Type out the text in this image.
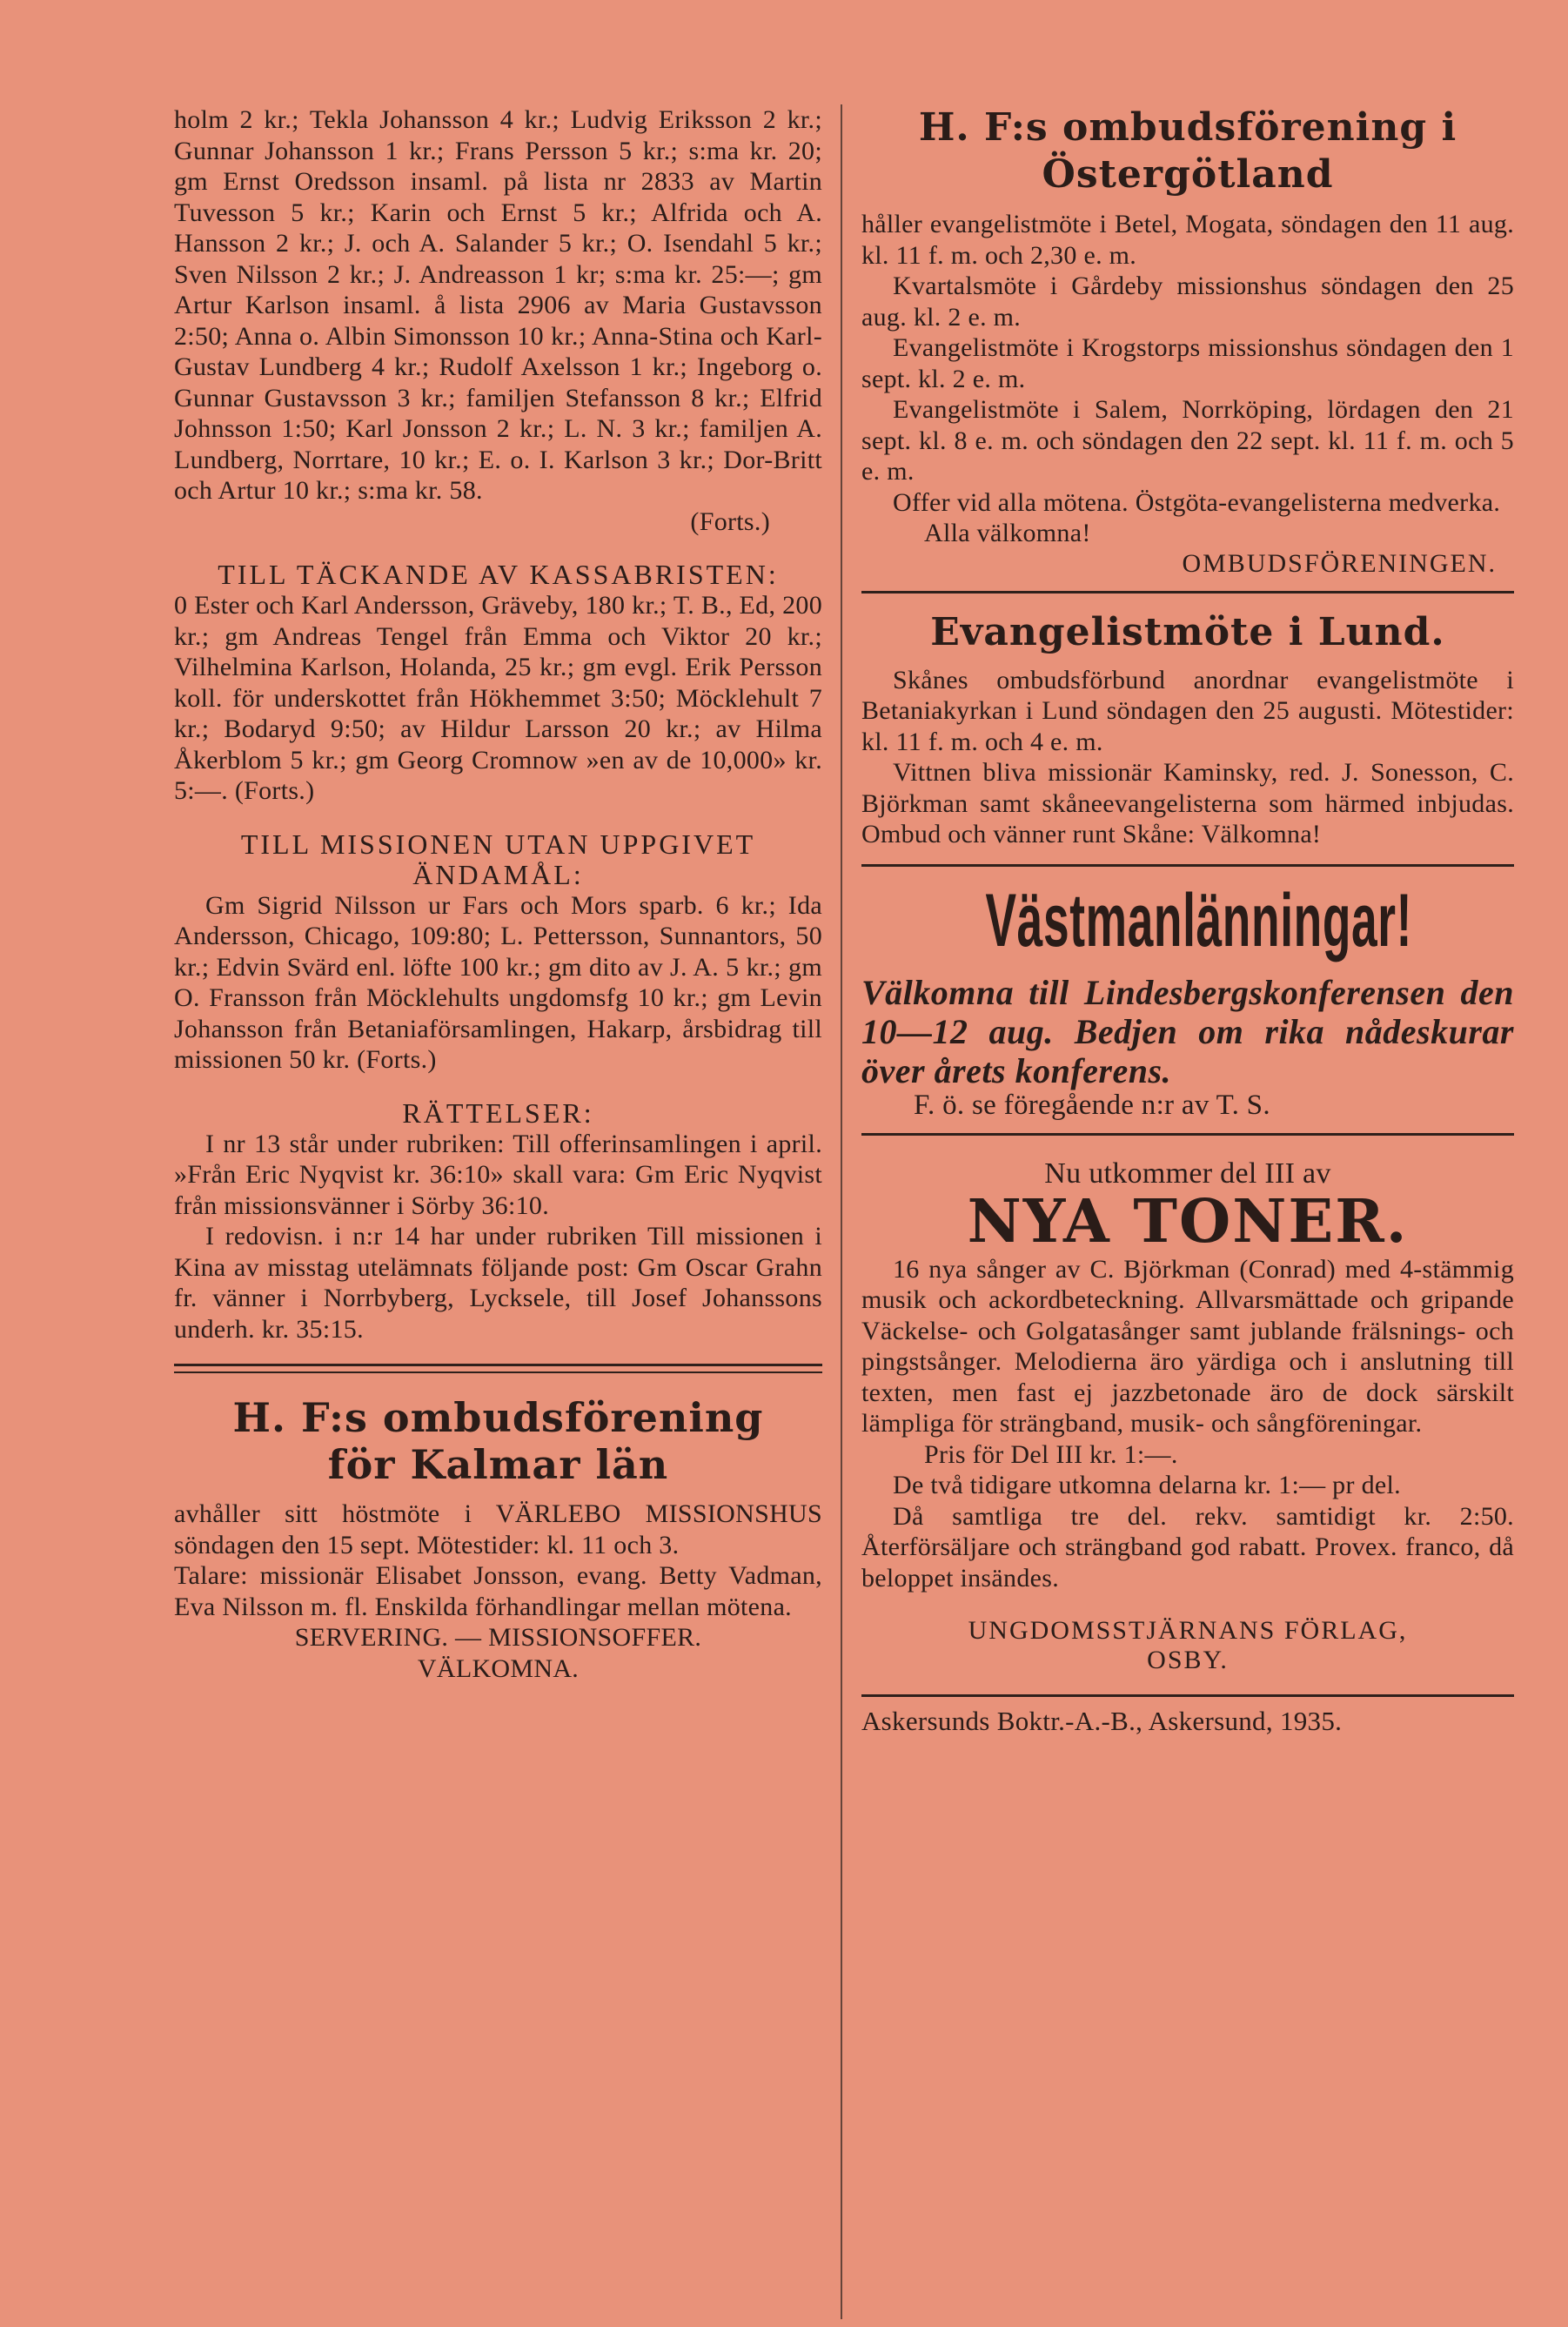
holm 2 kr.; Tekla Johansson 4 kr.; Ludvig Eriksson 2 kr.; Gunnar Johansson 1 kr.; Frans Persson 5 kr.; s:ma kr. 20; gm Ernst Oredsson insaml. på lista nr 2833 av Martin Tuvesson 5 kr.; Karin och Ernst 5 kr.; Alfrida och A. Hansson 2 kr.; J. och A. Salander 5 kr.; O. Isendahl 5 kr.; Sven Nilsson 2 kr.; J. Andreasson 1 kr; s:ma kr. 25:—; gm Artur Karlson insaml. å lista 2906 av Maria Gustavsson 2:50; Anna o. Albin Simonsson 10 kr.; Anna-Stina och Karl-Gustav Lundberg 4 kr.; Rudolf Axelsson 1 kr.; Ingeborg o. Gunnar Gustavsson 3 kr.; familjen Stefansson 8 kr.; Elfrid Johnsson 1:50; Karl Jonsson 2 kr.; L. N. 3 kr.; familjen A. Lundberg, Norrtare, 10 kr.; E. o. I. Karlson 3 kr.; Dor-Britt och Artur 10 kr.; s:ma kr. 58.

(Forts.)

TILL TÄCKANDE AV KASSABRISTEN:

0 Ester och Karl Andersson, Gräveby, 180 kr.; T. B., Ed, 200 kr.; gm Andreas Tengel från Emma och Viktor 20 kr.; Vilhelmina Karlson, Holanda, 25 kr.; gm evgl. Erik Persson koll. för underskottet från Hökhemmet 3:50; Möcklehult 7 kr.; Bodaryd 9:50; av Hildur Larsson 20 kr.; av Hilma Åkerblom 5 kr.; gm Georg Cromnow »en av de 10,000» kr. 5:—. (Forts.)

TILL MISSIONEN UTAN UPPGIVET
ÄNDAMÅL:

Gm Sigrid Nilsson ur Fars och Mors sparb. 6 kr.; Ida Andersson, Chicago, 109:80; L. Pettersson, Sunnantors, 50 kr.; Edvin Svärd enl. löfte 100 kr.; gm dito av J. A. 5 kr.; gm O. Fransson från Möcklehults ungdomsfg 10 kr.; gm Levin Johansson från Betaniaförsamlingen, Hakarp, årsbidrag till missionen 50 kr. (Forts.)

RÄTTELSER:

I nr 13 står under rubriken: Till offerinsamlingen i april. »Från Eric Nyqvist kr. 36:10» skall vara: Gm Eric Nyqvist från missionsvänner i Sörby 36:10.

I redovisn. i n:r 14 har under rubriken Till missionen i Kina av misstag utelämnats följande post: Gm Oscar Grahn fr. vänner i Norrbyberg, Lycksele, till Josef Johanssons underh. kr. 35:15.

H. F:s ombudsförening
för Kalmar län

avhåller sitt höstmöte i VÄRLEBO MISSIONSHUS söndagen den 15 sept. Mötestider: kl. 11 och 3.
Talare: missionär Elisabet Jonsson, evang. Betty Vadman, Eva Nilsson m. fl. Enskilda förhandlingar mellan mötena.

SERVERING. — MISSIONSOFFER.

VÄLKOMNA.

H. F:s ombudsförening i
Östergötland

håller evangelistmöte i Betel, Mogata, söndagen den 11 aug. kl. 11 f. m. och 2,30 e. m.

Kvartalsmöte i Gårdeby missionshus söndagen den 25 aug. kl. 2 e. m.

Evangelistmöte i Krogstorps missionshus söndagen den 1 sept. kl. 2 e. m.

Evangelistmöte i Salem, Norrköping, lördagen den 21 sept. kl. 8 e. m. och söndagen den 22 sept. kl. 11 f. m. och 5 e. m.

Offer vid alla mötena. Östgöta-evangelisterna medverka.

Alla välkomna!

OMBUDSFÖRENINGEN.

Evangelistmöte i Lund.

Skånes ombudsförbund anordnar evangelistmöte i Betaniakyrkan i Lund söndagen den 25 augusti. Mötestider: kl. 11 f. m. och 4 e. m.

Vittnen bliva missionär Kaminsky, red. J. Sonesson, C. Björkman samt skåneevangelisterna som härmed inbjudas. Ombud och vänner runt Skåne: Välkomna!

Västmanlänningar!

Välkomna till Lindesbergskonferensen den 10—12 aug. Bedjen om rika nådeskurar över årets konferens.

F. ö. se föregående n:r av T. S.

Nu utkommer del III av

NYA TONER.

16 nya sånger av C. Björkman (Conrad) med 4-stämmig musik och ackordbeteckning. Allvarsmättade och gripande Väckelse- och Golgatasånger samt jublande frälsnings- och pingstsånger. Melodierna äro yärdiga och i anslutning till texten, men fast ej jazzbetonade äro de dock särskilt lämpliga för strängband, musik- och sångföreningar.

Pris för Del III kr. 1:—.

De två tidigare utkomna delarna kr. 1:— pr del.

Då samtliga tre del. rekv. samtidigt kr. 2:50. Återförsäljare och strängband god rabatt. Provex. franco, då beloppet insändes.

UNGDOMSSTJÄRNANS FÖRLAG,
OSBY.

Askersunds Boktr.-A.-B., Askersund, 1935.
